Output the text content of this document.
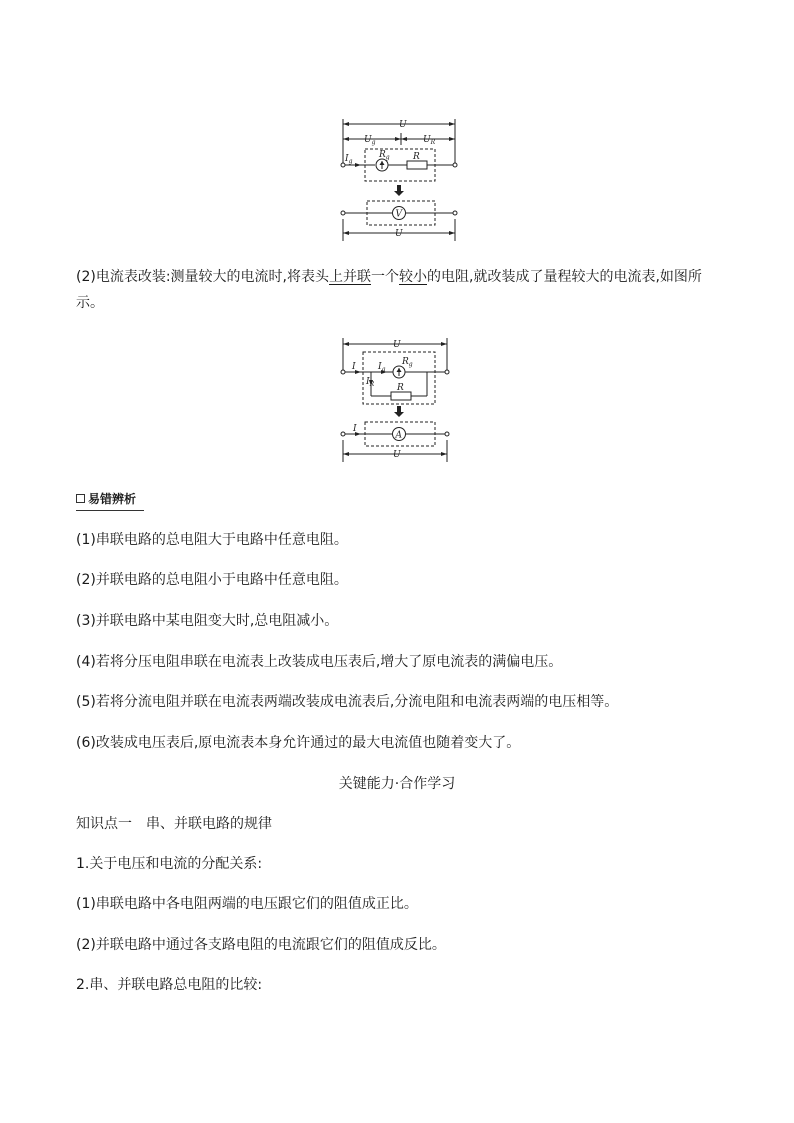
U
$U_g$	$U_R$
$I_g$
$R_g$	R
V
U
(2)电流表改装:测量较大的电流时,将表头上并联一个较小的电阻,就改装成了量程较大的电流表,如图所示。
U
I $I_g$
$I_R$
$R_g$
R
A
I
U
易错辨析
(1)串联电路的总电阻大于电路中任意电阻。
(2)并联电路的总电阻小于电路中任意电阻。
(3)并联电路中某电阻变大时,总电阻减小。
(4)若将分压电阻串联在电流表上改装成电压表后,增大了原电流表的满偏电压。
(5)若将分流电阻并联在电流表两端改装成电流表后,分流电阻和电流表两端的电压相等。
(6)改装成电压表后,原电流表本身允许通过的最大电流值也随着变大了。
关键能力·合作学习
知识点一　串、并联电路的规律
1.关于电压和电流的分配关系:
(1)串联电路中各电阻两端的电压跟它们的阻值成正比。
(2)并联电路中通过各支路电阻的电流跟它们的阻值成反比。
2.串、并联电路总电阻的比较:
